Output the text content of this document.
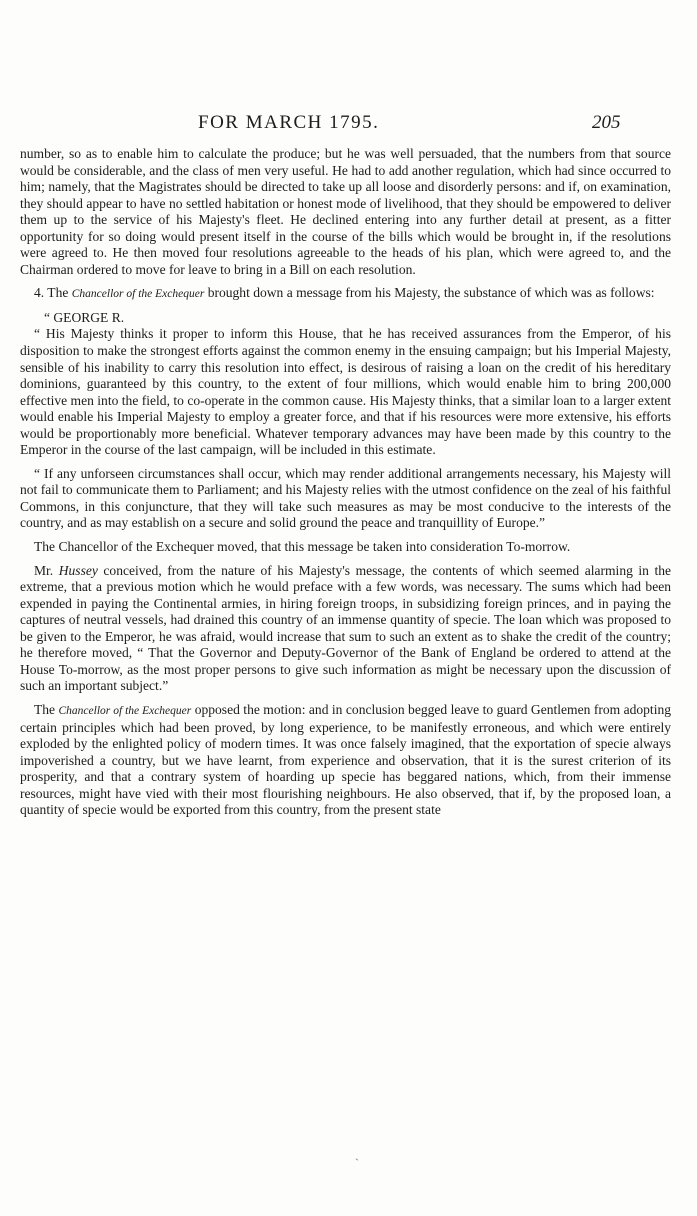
FOR MARCH 1795.	205

number, so as to enable him to calculate the produce; but he was well persuaded, that the numbers from that source would be considerable, and the class of men very useful. He had to add another regulation, which had since occurred to him; namely, that the Magistrates should be directed to take up all loose and disorderly persons: and if, on examination, they should appear to have no settled habitation or honest mode of livelihood, that they should be empowered to deliver them up to the service of his Majesty's fleet. He declined entering into any further detail at present, as a fitter opportunity for so doing would present itself in the course of the bills which would be brought in, if the resolutions were agreed to. He then moved four resolutions agreeable to the heads of his plan, which were agreed to, and the Chairman ordered to move for leave to bring in a Bill on each resolution.

4. The Chancellor of the Exchequer brought down a message from his Majesty, the substance of which was as follows:

“ GEORGE R.

“ His Majesty thinks it proper to inform this House, that he has received assurances from the Emperor, of his disposition to make the strongest efforts against the common enemy in the ensuing campaign; but his Imperial Majesty, sensible of his inability to carry this resolution into effect, is desirous of raising a loan on the credit of his hereditary dominions, guaranteed by this country, to the extent of four millions, which would enable him to bring 200,000 effective men into the field, to co-operate in the common cause. His Majesty thinks, that a similar loan to a larger extent would enable his Imperial Majesty to employ a greater force, and that if his resources were more extensive, his efforts would be proportionably more beneficial. Whatever temporary advances may have been made by this country to the Emperor in the course of the last campaign, will be included in this estimate.

“ If any unforseen circumstances shall occur, which may render additional arrangements necessary, his Majesty will not fail to communicate them to Parliament; and his Majesty relies with the utmost confidence on the zeal of his faithful Commons, in this conjuncture, that they will take such measures as may be most conducive to the interests of the country, and as may establish on a secure and solid ground the peace and tranquillity of Europe.”

The Chancellor of the Exchequer moved, that this message be taken into consideration To-morrow.

Mr. Hussey conceived, from the nature of his Majesty's message, the contents of which seemed alarming in the extreme, that a previous motion which he would preface with a few words, was necessary. The sums which had been expended in paying the Continental armies, in hiring foreign troops, in subsidizing foreign princes, and in paying the captures of neutral vessels, had drained this country of an immense quantity of specie. The loan which was proposed to be given to the Emperor, he was afraid, would increase that sum to such an extent as to shake the credit of the country; he therefore moved, “ That the Governor and Deputy-Governor of the Bank of England be ordered to attend at the House To-morrow, as the most proper persons to give such information as might be necessary upon the discussion of such an important subject.”

The Chancellor of the Exchequer opposed the motion: and in conclusion begged leave to guard Gentlemen from adopting certain principles which had been proved, by long experience, to be manifestly erroneous, and which were entirely exploded by the enlighted policy of modern times. It was once falsely imagined, that the exportation of specie always impoverished a country, but we have learnt, from experience and observation, that it is the surest criterion of its prosperity, and that a contrary system of hoarding up specie has beggared nations, which, from their immense resources, might have vied with their most flourishing neighbours. He also observed, that if, by the proposed loan, a quantity of specie would be exported from this country, from the present state

ˏ
